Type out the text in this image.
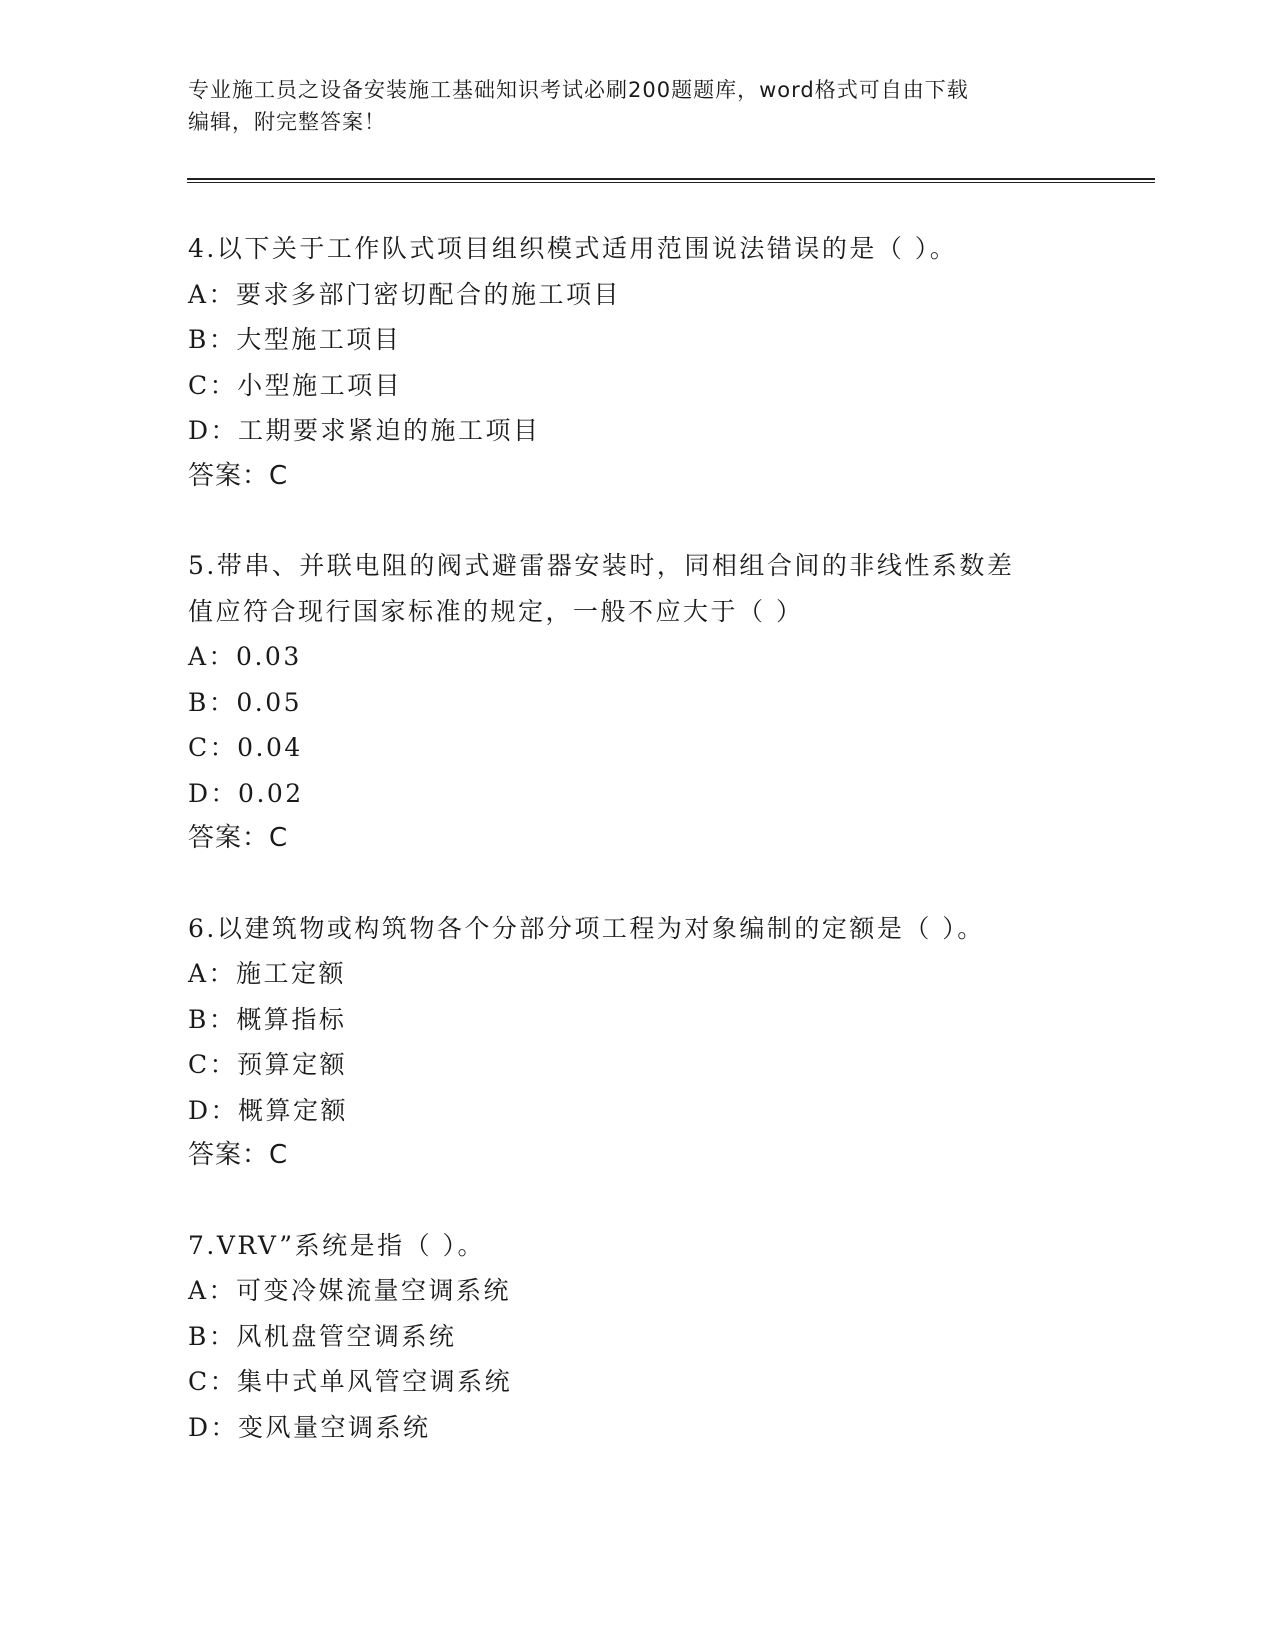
专业施工员之设备安装施工基础知识考试必刷200题题库，word格式可自由下载
编辑，附完整答案！
4.以下关于工作队式项目组织模式适用范围说法错误的是（ ）。
A：要求多部门密切配合的施工项目
B：大型施工项目
C：小型施工项目
D：工期要求紧迫的施工项目
答案：C
5.带串、并联电阻的阀式避雷器安装时，同相组合间的非线性系数差
值应符合现行国家标准的规定，一般不应大于（ ）
A：0.03
B：0.05
C：0.04
D：0.02
答案：C
6.以建筑物或构筑物各个分部分项工程为对象编制的定额是（ ）。
A：施工定额
B：概算指标
C：预算定额
D：概算定额
答案：C
7.VRV”系统是指（ ）。
A：可变冷媒流量空调系统
B：风机盘管空调系统
C：集中式单风管空调系统
D：变风量空调系统
